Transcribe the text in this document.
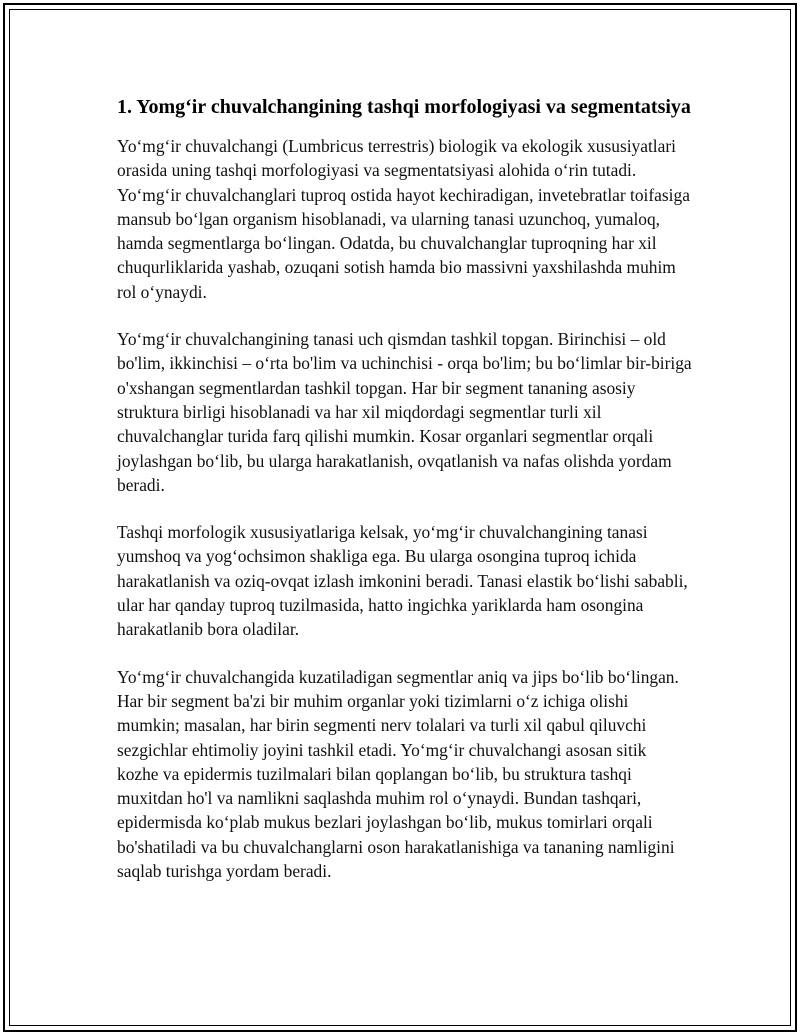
1. Yomg‘ir chuvalchangining tashqi morfologiyasi va segmentatsiya

Yo‘mg‘ir chuvalchangi (Lumbricus terrestris) biologik va ekologik xususiyatlari orasida uning tashqi morfologiyasi va segmentatsiyasi alohida o‘rin tutadi. Yo‘mg‘ir chuvalchanglari tuproq ostida hayot kechiradigan, invetebratlar toifasiga mansub bo‘lgan organism hisoblanadi, va ularning tanasi uzunchoq, yumaloq, hamda segmentlarga bo‘lingan. Odatda, bu chuvalchanglar tuproqning har xil chuqurliklarida yashab, ozuqani sotish hamda bio massivni yaxshilashda muhim rol o‘ynaydi.

Yo‘mg‘ir chuvalchangining tanasi uch qismdan tashkil topgan. Birinchisi – old bo'lim, ikkinchisi – o‘rta bo'lim va uchinchisi - orqa bo'lim; bu bo‘limlar bir-biriga o'xshangan segmentlardan tashkil topgan. Har bir segment tananing asosiy struktura birligi hisoblanadi va har xil miqdordagi segmentlar turli xil chuvalchanglar turida farq qilishi mumkin. Kosar organlari segmentlar orqali joylashgan bo‘lib, bu ularga harakatlanish, ovqatlanish va nafas olishda yordam beradi.

Tashqi morfologik xususiyatlariga kelsak, yo‘mg‘ir chuvalchangining tanasi yumshoq va yog‘ochsimon shakliga ega. Bu ularga osongina tuproq ichida harakatlanish va oziq-ovqat izlash imkonini beradi. Tanasi elastik bo‘lishi sababli, ular har qanday tuproq tuzilmasida, hatto ingichka yariklarda ham osongina harakatlanib bora oladilar.

Yo‘mg‘ir chuvalchangida kuzatiladigan segmentlar aniq va jips bo‘lib bo‘lingan. Har bir segment ba'zi bir muhim organlar yoki tizimlarni o‘z ichiga olishi mumkin; masalan, har birin segmenti nerv tolalari va turli xil qabul qiluvchi sezgichlar ehtimoliy joyini tashkil etadi. Yo‘mg‘ir chuvalchangi asosan sitik kozhe va epidermis tuzilmalari bilan qoplangan bo‘lib, bu struktura tashqi muxitdan ho'l va namlikni saqlashda muhim rol o‘ynaydi. Bundan tashqari, epidermisda ko‘plab mukus bezlari joylashgan bo‘lib, mukus tomirlari orqali bo'shatiladi va bu chuvalchanglarni oson harakatlanishiga va tananing namligini saqlab turishga yordam beradi.
